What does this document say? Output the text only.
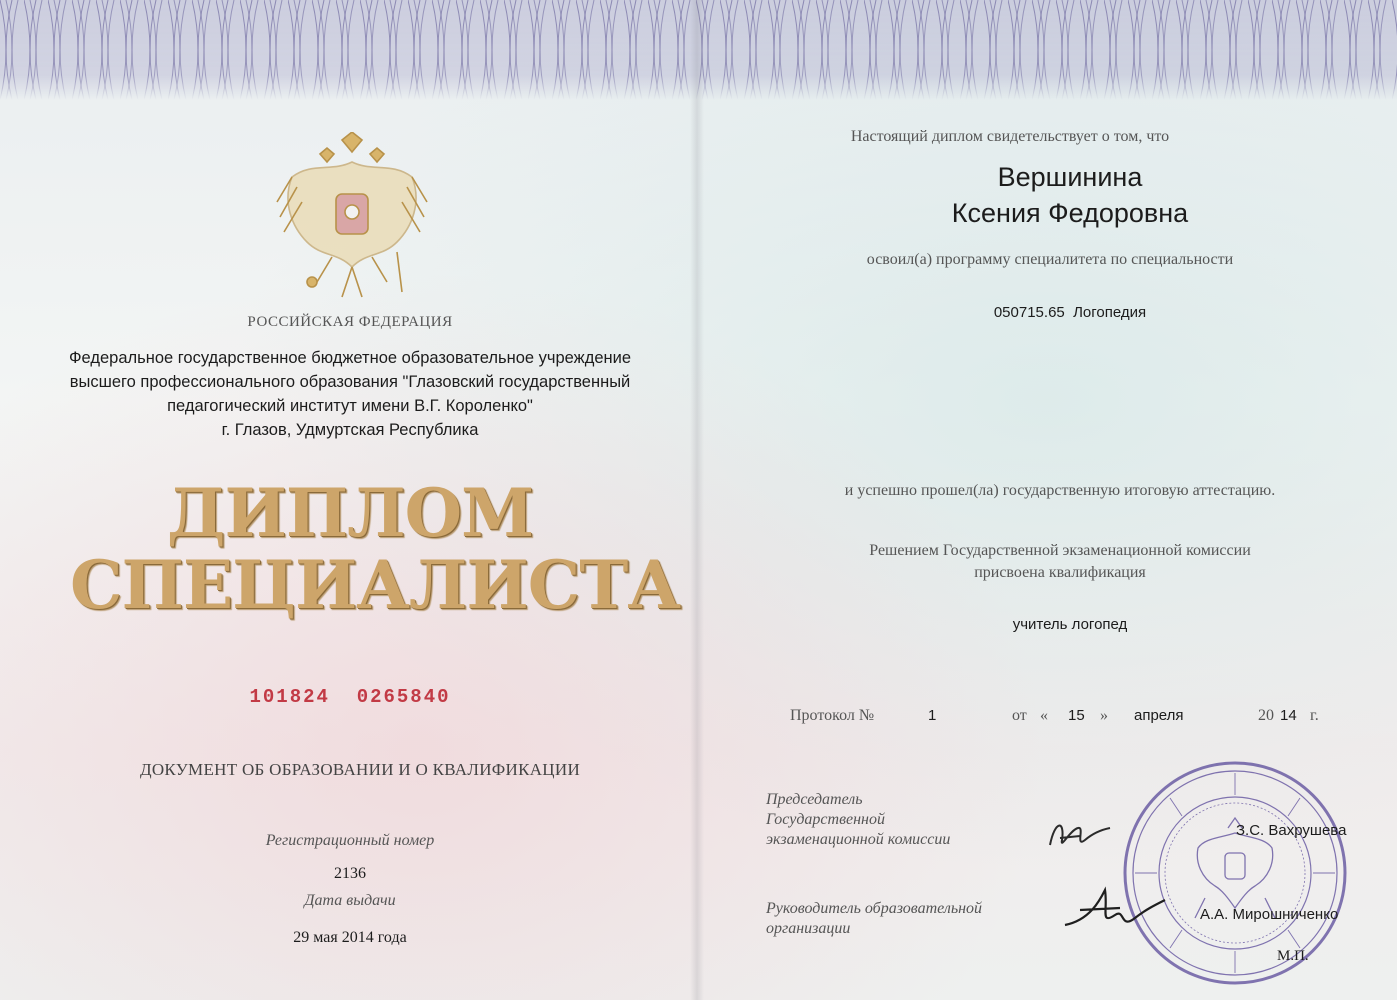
РОССИЙСКАЯ ФЕДЕРАЦИЯ
Федеральное государственное бюджетное образовательное учреждение
высшего профессионального образования "Глазовский государственный
педагогический институт имени В.Г. Короленко"
г. Глазов, Удмуртская Республика
ДИПЛОМ
СПЕЦИАЛИСТА
101824  0265840
ДОКУМЕНТ ОБ ОБРАЗОВАНИИ И О КВАЛИФИКАЦИИ
Регистрационный номер
2136
Дата выдачи
29 мая 2014 года
Настоящий диплом свидетельствует о том, что
Вершинина
Ксения Федоровна
освоил(а) программу специалитета по специальности
050715.65  Логопедия
и успешно прошел(ла) государственную итоговую аттестацию.
Решением Государственной экзаменационной комиссии
присвоена квалификация
учитель логопед
Протокол №	1	от « 15 » апреля	20 14 г.
Председатель
Государственной
экзаменационной комиссии
Руководитель образовательной
организации
З.С. Вахрушева
А.А. Мирошниченко
М.П.
